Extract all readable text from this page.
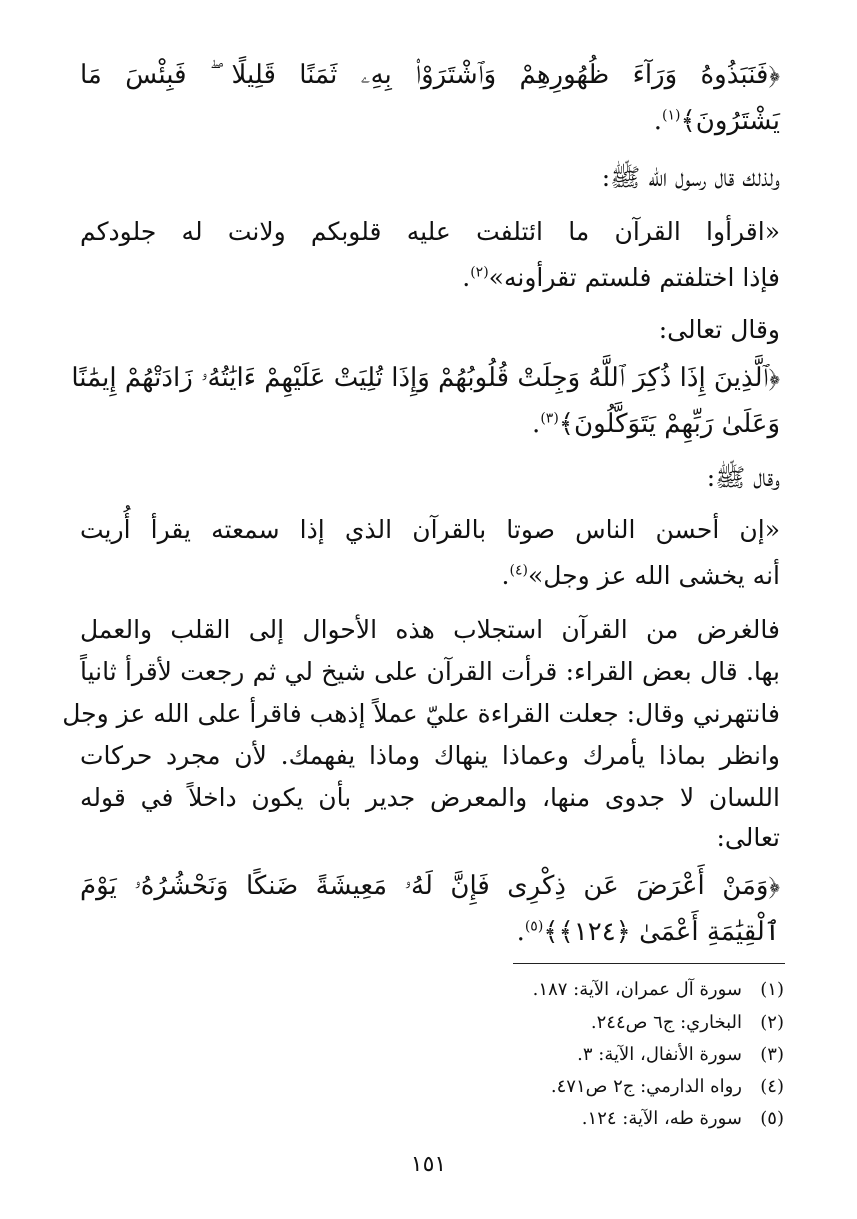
﴿فَنَبَذُوهُ وَرَآءَ ظُهُورِهِمْ وَٱشْتَرَوْا۟ بِهِۦ ثَمَنًا قَلِيلًا ۖ فَبِئْسَ مَا
يَشْتَرُونَ﴾$^{(١)}$.
ولذلك قال رسول الله ﷺ:
«اقرأوا القرآن ما ائتلفت عليه قلوبكم ولانت له جلودكم
فإذا اختلفتم فلستم تقرأونه»$^{(٢)}$.
وقال تعالى:
﴿ٱلَّذِينَ إِذَا ذُكِرَ ٱللَّهُ وَجِلَتْ قُلُوبُهُمْ وَإِذَا تُلِيَتْ عَلَيْهِمْ ءَايَٰتُهُۥ زَادَتْهُمْ إِيمَٰنًا
وَعَلَىٰ رَبِّهِمْ يَتَوَكَّلُونَ﴾$^{(٣)}$.
وقال ﷺ:
«إن أحسن الناس صوتا بالقرآن الذي إذا سمعته يقرأ أُريت
أنه يخشى الله عز وجل»$^{(٤)}$.
فالغرض من القرآن استجلاب هذه الأحوال إلى القلب والعمل
بها. قال بعض القراء: قرأت القرآن على شيخ لي ثم رجعت لأقرأ ثانياً
فانتهرني وقال: جعلت القراءة عليّ عملاً إذهب فاقرأ على الله عز وجل
وانظر بماذا يأمرك وعماذا ينهاك وماذا يفهمك. لأن مجرد حركات
اللسان لا جدوى منها، والمعرض جدير بأن يكون داخلاً في قوله
تعالى:
﴿وَمَنْ أَعْرَضَ عَن ذِكْرِى فَإِنَّ لَهُۥ مَعِيشَةً ضَنكًا وَنَحْشُرُهُۥ يَوْمَ
ٱلْقِيَٰمَةِ أَعْمَىٰ ﴿١٢٤﴾﴾$^{(٥)}$.
(١)سورة آل عمران، الآية: ١٨٧.
(٢)البخاري: ج٦ ص٢٤٤.
(٣)سورة الأنفال، الآية: ٣.
(٤)رواه الدارمي: ج٢ ص٤٧١.
(٥)سورة طه، الآية: ١٢٤.
١٥١
